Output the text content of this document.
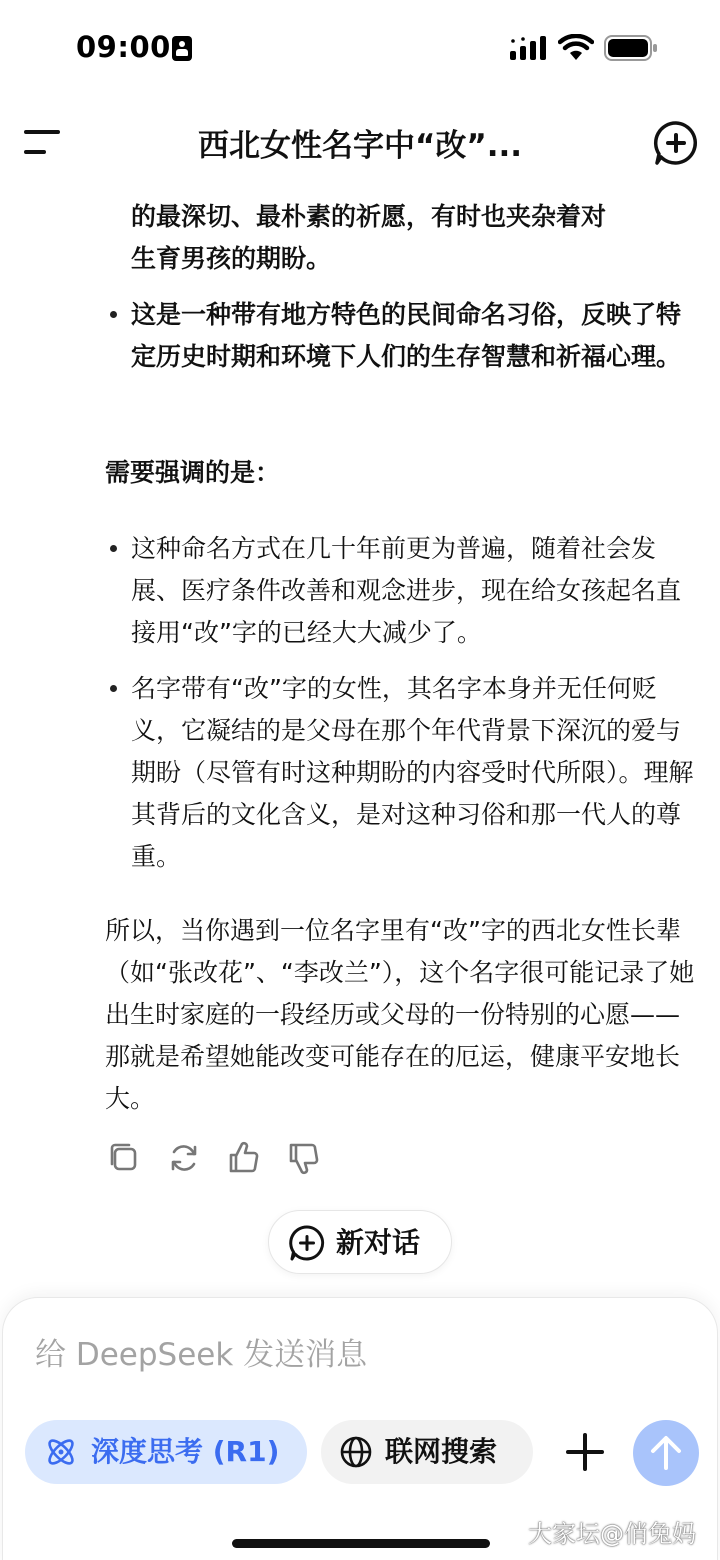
09:00
西北女性名字中“改”...
的最深切、最朴素的祈愿，有时也夹杂着对
生育男孩的期盼。
这是一种带有地方特色的民间命名习俗，反映了特定历史时期和环境下人们的生存智慧和祈福心理。
需要强调的是：
这种命名方式在几十年前更为普遍，随着社会发展、医疗条件改善和观念进步，现在给女孩起名直接用“改”字的已经大大减少了。
名字带有“改”字的女性，其名字本身并无任何贬义，它凝结的是父母在那个年代背景下深沉的爱与期盼（尽管有时这种期盼的内容受时代所限）。理解其背后的文化含义，是对这种习俗和那一代人的尊重。
所以，当你遇到一位名字里有“改”字的西北女性长辈（如“张改花”、“李改兰”），这个名字很可能记录了她出生时家庭的一段经历或父母的一份特别的心愿——那就是希望她能改变可能存在的厄运，健康平安地长大。
新对话
给 DeepSeek 发送消息
深度思考 (R1)	联网搜索
大家坛@俏兔妈
